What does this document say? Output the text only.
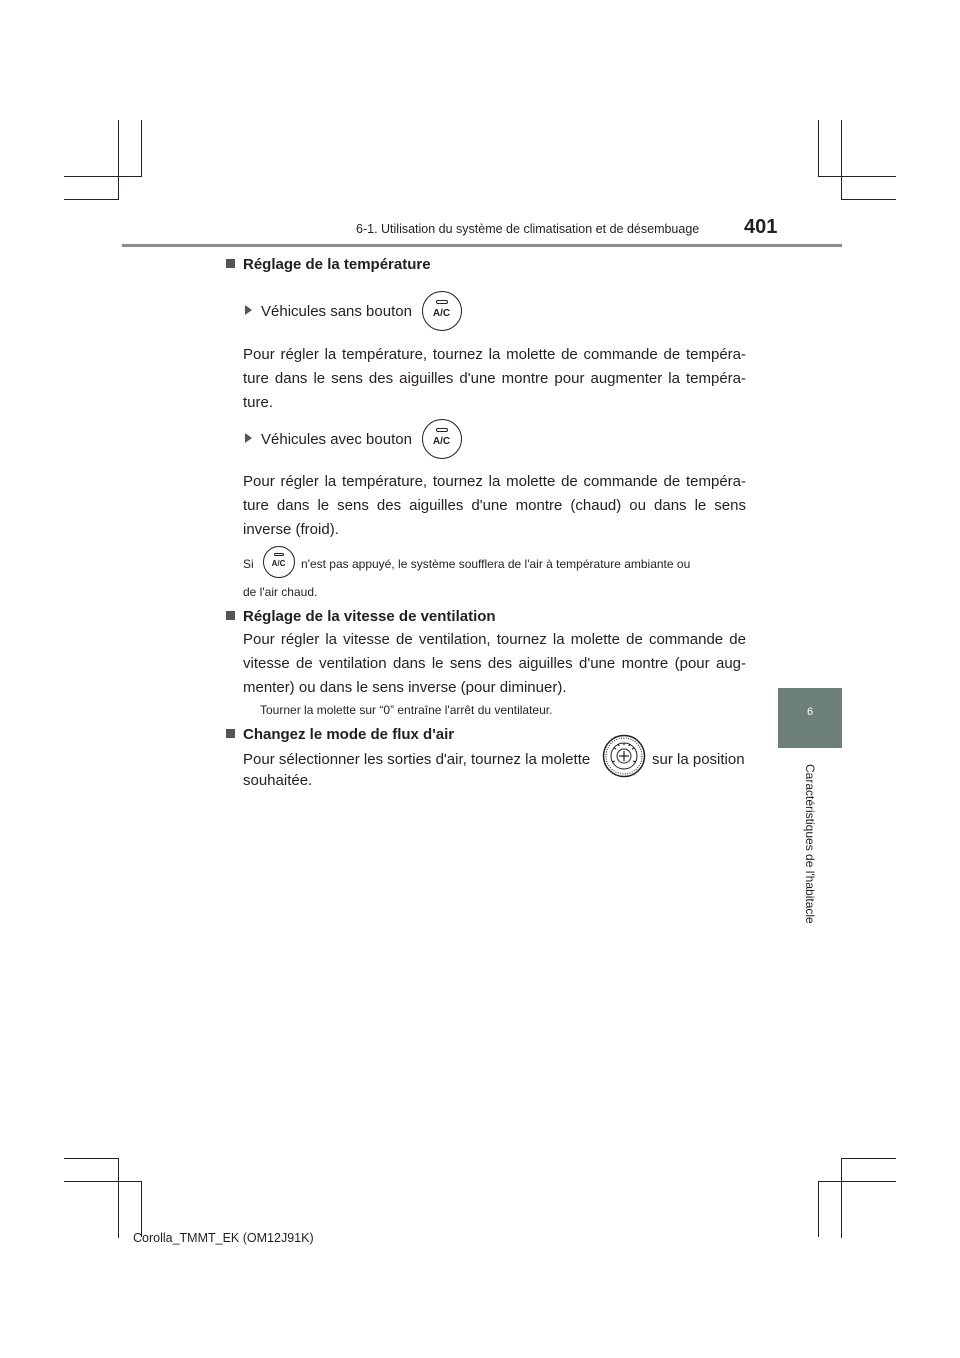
6-1. Utilisation du système de climatisation et de désembuage 401
6
Caractéristiques de l'habitacle
Réglage de la température
Véhicules sans bouton	A/C
Pour régler la température, tournez la molette de commande de tempéra-ture dans le sens des aiguilles d'une montre pour augmenter la tempéra-ture.
Véhicules avec bouton	A/C
Pour régler la température, tournez la molette de commande de tempéra-ture dans le sens des aiguilles d'une montre (chaud) ou dans le sens inverse (froid).
Si	A/C	n'est pas appuyé, le système soufflera de l'air à température ambiante ou
de l'air chaud.
Réglage de la vitesse de ventilation
Pour régler la vitesse de ventilation, tournez la molette de commande de vitesse de ventilation dans le sens des aiguilles d'une montre (pour aug-menter) ou dans le sens inverse (pour diminuer).
Tourner la molette sur “0” entraîne l'arrêt du ventilateur.
Changez le mode de flux d'air
Pour sélectionner les sorties d'air, tournez la molette	sur la position
souhaitée.
Corolla_TMMT_EK (OM12J91K)
